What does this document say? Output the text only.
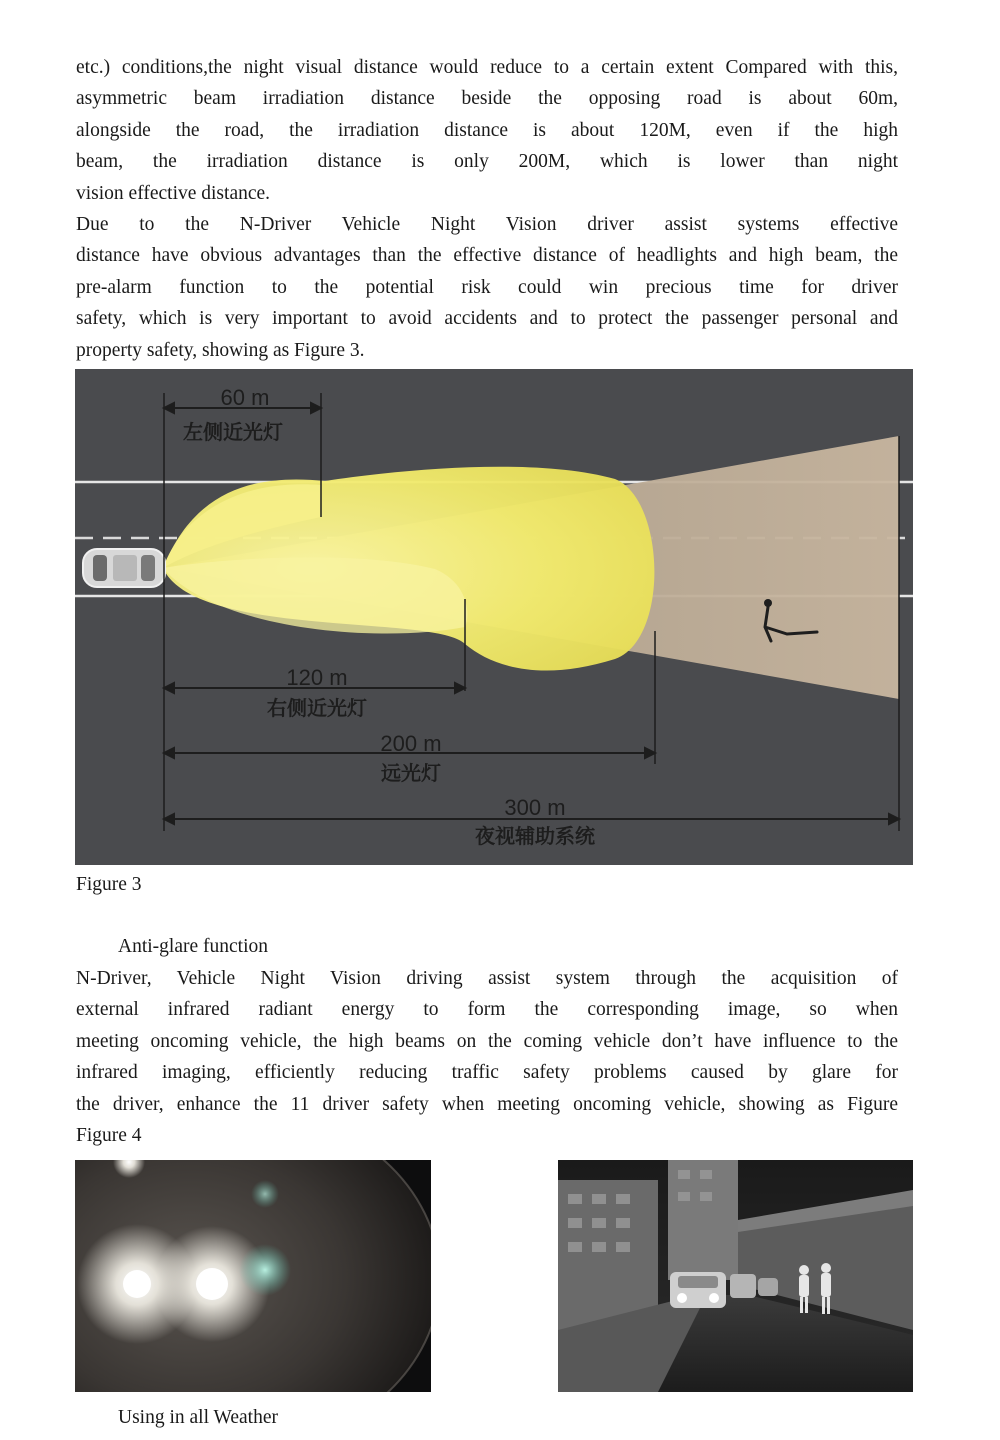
etc.) conditions,the night visual distance would reduce to a certain extent Compared with this,
asymmetric beam irradiation distance beside the opposing road is about 60m,
alongside the road, the irradiation distance is about 120M, even if the high
beam, the irradiation distance is only 200M, which is lower than night
vision effective distance.

Due to the N-Driver Vehicle Night Vision driver assist systems effective
distance have obvious advantages than the effective distance of headlights and high beam, the
pre-alarm function to the potential risk could win precious time for driver
safety, which is very important to avoid accidents and to protect the passenger personal and
property safety, showing as Figure 3.

60 m
左侧近光灯
120 m
右侧近光灯
200 m
远光灯
300 m
夜视辅助系统

Figure 3

Anti-glare function

N-Driver, Vehicle Night Vision driving assist system through the acquisition of
external infrared radiant energy to form the corresponding image, so when
meeting oncoming vehicle, the high beams on the coming vehicle don’t have influence to the
infrared imaging, efficiently reducing traffic safety problems caused by glare for
the driver, enhance the 11 driver safety when meeting oncoming vehicle, showing as Figure
Figure 4

Using in all Weather
